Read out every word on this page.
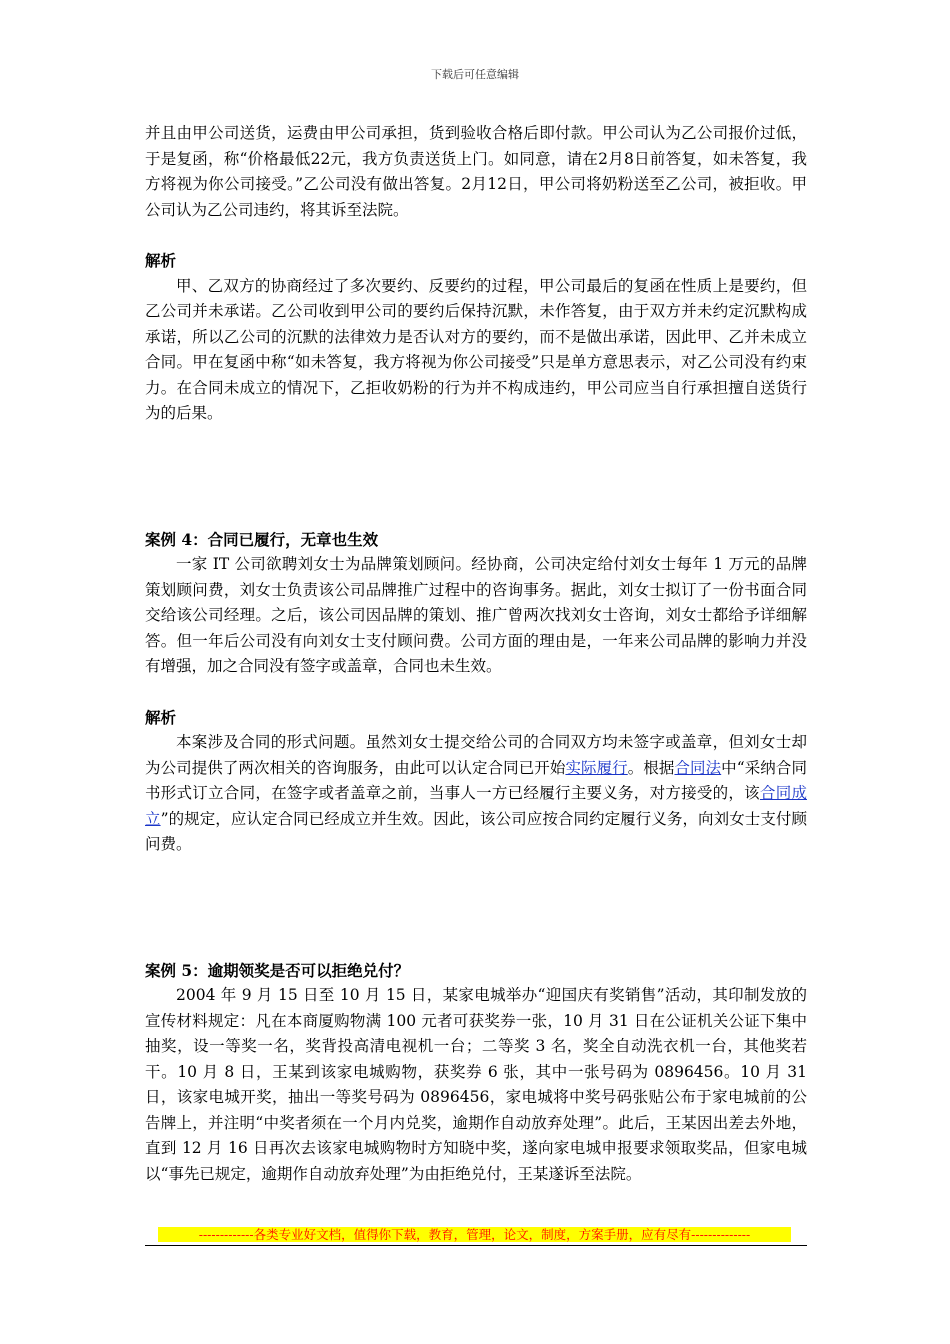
下载后可任意编辑

并且由甲公司送货，运费由甲公司承担，货到验收合格后即付款。甲公司认为乙公司报价过低，于是复函，称“价格最低22元，我方负责送货上门。如同意，请在2月8日前答复，如未答复，我方将视为你公司接受。”乙公司没有做出答复。2月12日，甲公司将奶粉送至乙公司，被拒收。甲公司认为乙公司违约，将其诉至法院。

解析

甲、乙双方的协商经过了多次要约、反要约的过程，甲公司最后的复函在性质上是要约，但乙公司并未承诺。乙公司收到甲公司的要约后保持沉默，未作答复，由于双方并未约定沉默构成承诺，所以乙公司的沉默的法律效力是否认对方的要约，而不是做出承诺，因此甲、乙并未成立合同。甲在复函中称“如未答复，我方将视为你公司接受”只是单方意思表示，对乙公司没有约束力。在合同未成立的情况下，乙拒收奶粉的行为并不构成违约，甲公司应当自行承担擅自送货行为的后果。

案例 4：合同已履行，无章也生效

一家 IT 公司欲聘刘女士为品牌策划顾问。经协商，公司决定给付刘女士每年 1 万元的品牌策划顾问费，刘女士负责该公司品牌推广过程中的咨询事务。据此，刘女士拟订了一份书面合同交给该公司经理。之后，该公司因品牌的策划、推广曾两次找刘女士咨询，刘女士都给予详细解答。但一年后公司没有向刘女士支付顾问费。公司方面的理由是，一年来公司品牌的影响力并没有增强，加之合同没有签字或盖章，合同也未生效。

解析

本案涉及合同的形式问题。虽然刘女士提交给公司的合同双方均未签字或盖章，但刘女士却为公司提供了两次相关的咨询服务，由此可以认定合同已开始实际履行。根据合同法中“采纳合同书形式订立合同，在签字或者盖章之前，当事人一方已经履行主要义务，对方接受的，该合同成立”的规定，应认定合同已经成立并生效。因此，该公司应按合同约定履行义务，向刘女士支付顾问费。

案例 5：逾期领奖是否可以拒绝兑付？

2004 年 9 月 15 日至 10 月 15 日，某家电城举办“迎国庆有奖销售”活动，其印制发放的宣传材料规定：凡在本商厦购物满 100 元者可获奖券一张，10 月 31 日在公证机关公证下集中抽奖，设一等奖一名，奖背投高清电视机一台；二等奖 3 名，奖全自动洗衣机一台，其他奖若干。10 月 8 日，王某到该家电城购物，获奖券 6 张，其中一张号码为 0896456。10 月 31 日，该家电城开奖，抽出一等奖号码为 0896456，家电城将中奖号码张贴公布于家电城前的公告牌上，并注明“中奖者须在一个月内兑奖，逾期作自动放弃处理”。此后，王某因出差去外地，直到 12 月 16 日再次去该家电城购物时方知晓中奖，遂向家电城申报要求领取奖品，但家电城以“事先已规定，逾期作自动放弃处理”为由拒绝兑付，王某遂诉至法院。

-------------各类专业好文档，值得你下载，教育，管理，论文，制度，方案手册，应有尽有--------------
